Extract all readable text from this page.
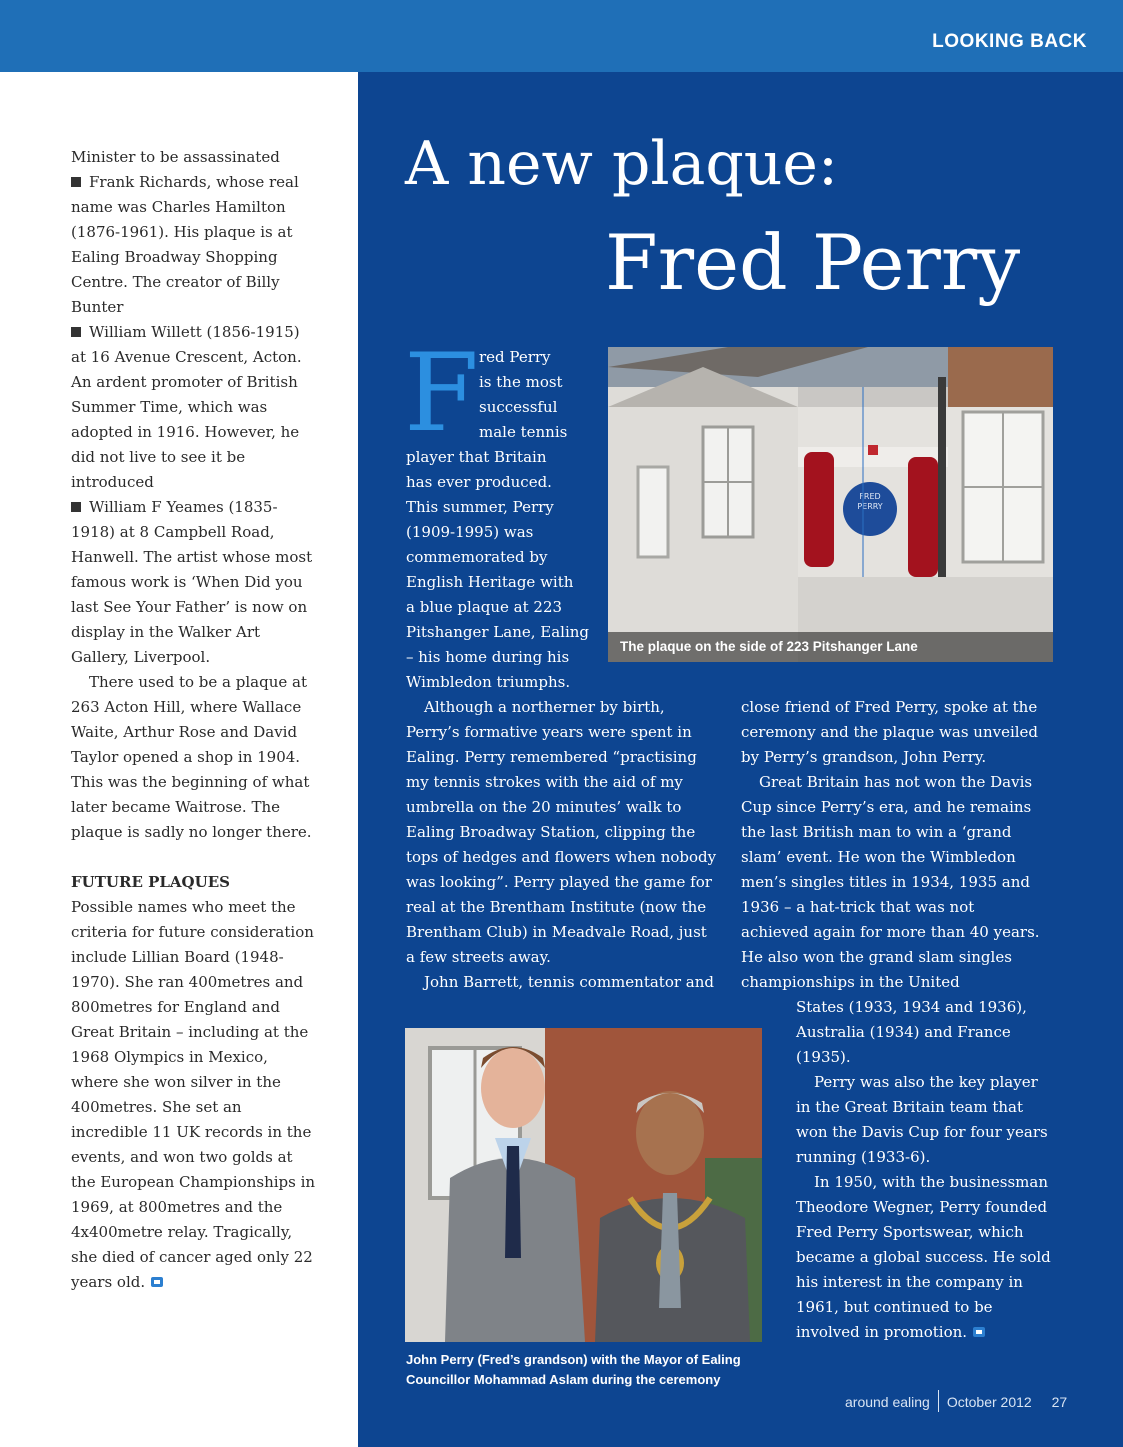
LOOKING BACK

Minister to be assassinated

Frank Richards, whose real name was Charles Hamilton (1876-1961). His plaque is at Ealing Broadway Shopping Centre. The creator of Billy Bunter

William Willett (1856-1915) at 16 Avenue Crescent, Acton. An ardent promoter of British Summer Time, which was adopted in 1916. However, he did not live to see it be introduced

William F Yeames (1835-1918) at 8 Campbell Road, Hanwell. The artist whose most famous work is ‘When Did you last See Your Father’ is now on display in the Walker Art Gallery, Liverpool.

There used to be a plaque at 263 Acton Hill, where Wallace Waite, Arthur Rose and David Taylor opened a shop in 1904. This was the beginning of what later became Waitrose. The plaque is sadly no longer there.

FUTURE PLAQUES

Possible names who meet the criteria for future consideration include Lillian Board (1948-1970). She ran 400metres and 800metres for England and Great Britain – including at the 1968 Olympics in Mexico, where she won silver in the 400metres. She set an incredible 11 UK records in the events, and won two golds at the European Championships in 1969, at 800metres and the 4x400metre relay. Tragically, she died of cancer aged only 22 years old.

A new plaque:
Fred Perry
FRED
PERRY
The plaque on the side of 223 Pitshanger Lane
F red Perry

is the most

successful

male tennis

player that Britain

has ever produced.

This summer, Perry

(1909-1995) was

commemorated by

English Heritage with

a blue plaque at 223

Pitshanger Lane, Ealing

– his home during his

Wimbledon triumphs.

Although a northerner by birth, Perry’s formative years were spent in Ealing. Perry remembered “practising my tennis strokes with the aid of my umbrella on the 20 minutes’ walk to Ealing Broadway Station, clipping the tops of hedges and flowers when nobody was looking”. Perry played the game for real at the Brentham Institute (now the Brentham Club) in Meadvale Road, just a few streets away.

John Barrett, tennis commentator and

close friend of Fred Perry, spoke at the ceremony and the plaque was unveiled by Perry’s grandson, John Perry.

Great Britain has not won the Davis Cup since Perry’s era, and he remains the last British man to win a ‘grand slam’ event. He won the Wimbledon men’s singles titles in 1934, 1935 and 1936 – a hat-trick that was not achieved again for more than 40 years. He also won the grand slam singles championships in the United

States (1933, 1934 and 1936), Australia (1934) and France (1935).

Perry was also the key player in the Great Britain team that won the Davis Cup for four years running (1933-6).

In 1950, with the businessman Theodore Wegner, Perry founded Fred Perry Sportswear, which became a global success. He sold his interest in the company in 1961, but continued to be involved in promotion.

John Perry (Fred’s grandson) with the Mayor of Ealing Councillor Mohammad Aslam during the ceremony
around ealing October 2012 27
